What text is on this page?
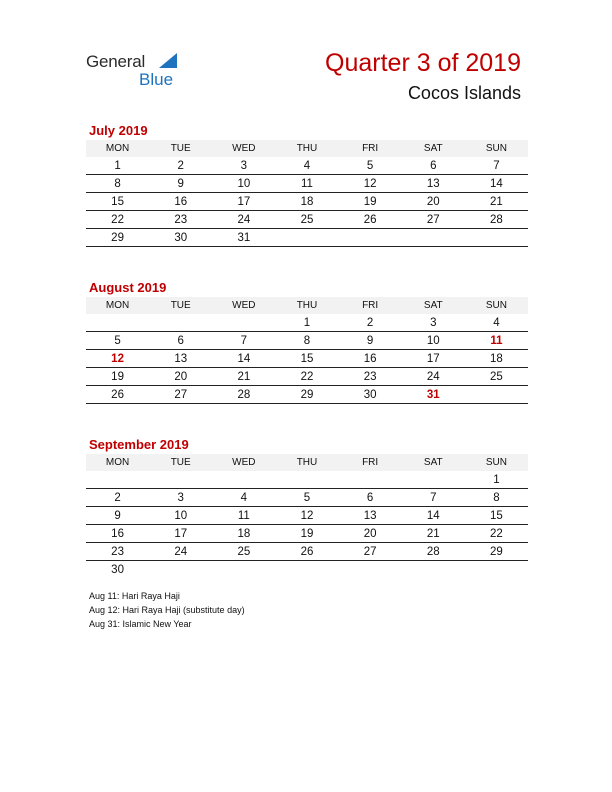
General
Blue
Quarter 3 of 2019
Cocos Islands
July 2019
MON	TUE	WED	THU	FRI	SAT	SUN
1	2	3	4	5	6	7
8	9	10	11	12	13	14
15	16	17	18	19	20	21
22	23	24	25	26	27	28
29	30	31				
August 2019
MON	TUE	WED	THU	FRI	SAT	SUN
			1	2	3	4
5	6	7	8	9	10	11
12	13	14	15	16	17	18
19	20	21	22	23	24	25
26	27	28	29	30	31	
September 2019
MON	TUE	WED	THU	FRI	SAT	SUN
						1
2	3	4	5	6	7	8
9	10	11	12	13	14	15
16	17	18	19	20	21	22
23	24	25	26	27	28	29
30						
Aug 11: Hari Raya Haji
Aug 12: Hari Raya Haji (substitute day)
Aug 31: Islamic New Year
